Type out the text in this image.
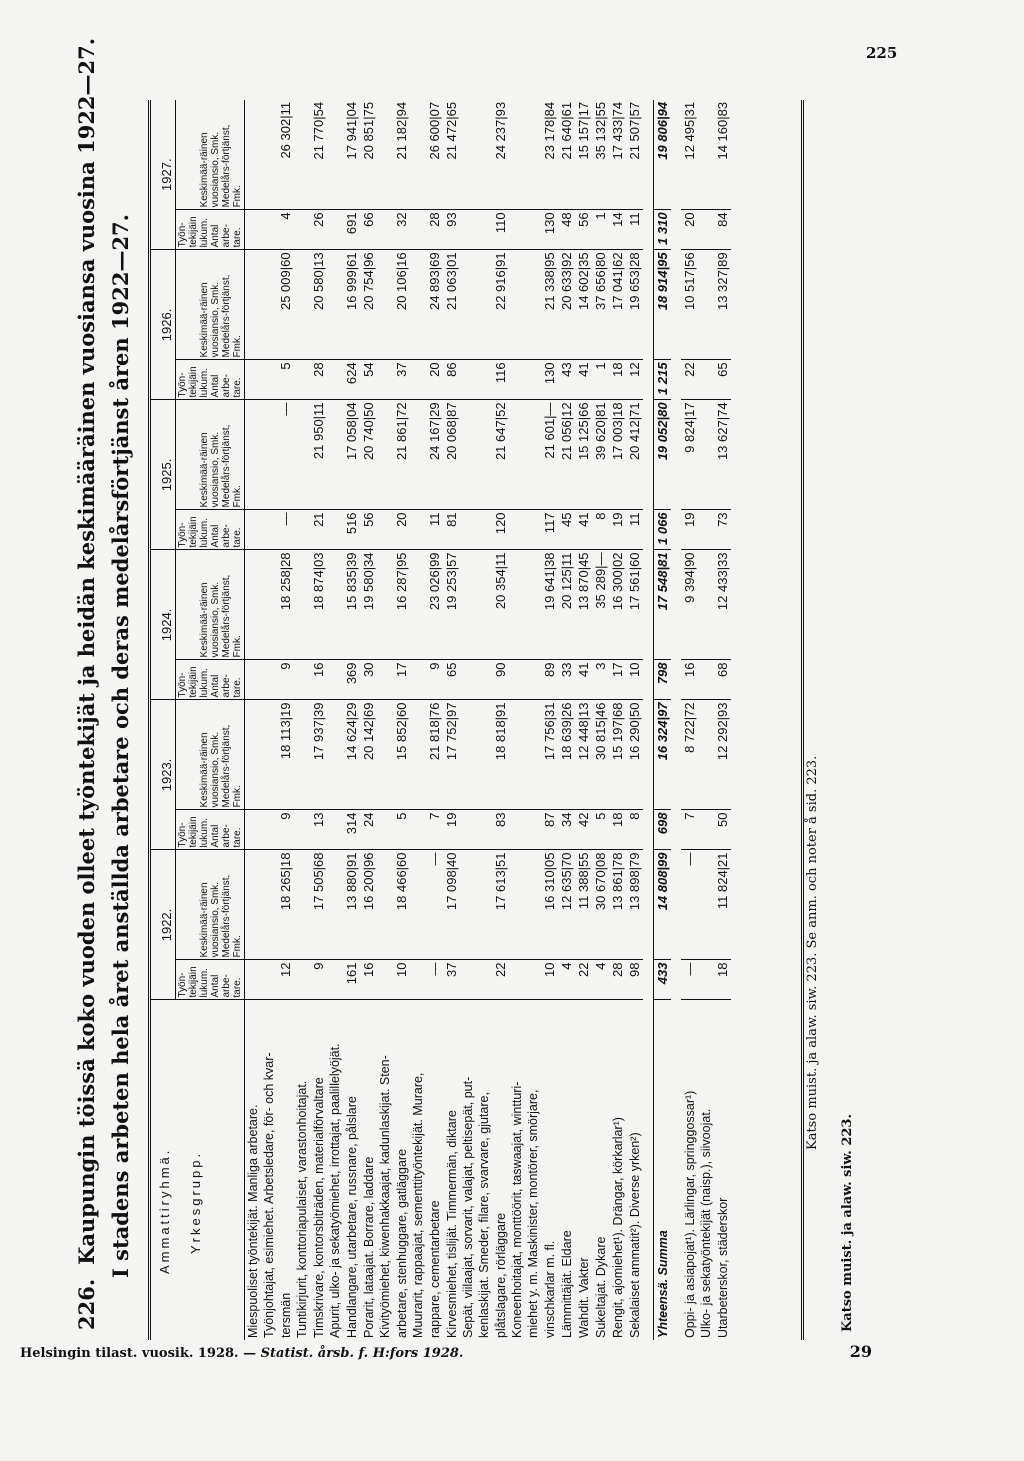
225
226.Kaupungin töissä koko vuoden olleet työntekijät ja heidän keskimääräinen vuosiansa vuosina 1922—27. I stadens arbeten hela året anställda arbetare och deras medelårsförtjänst åren 1922—27. Ammattiryhmä. Yrkesgrupp.	1922.		1923.		1924.		1925.		1926.		1927.	
	Työn-tekijäin lukum. Antal arbe-tare.	Keskimää-räinen vuosiansio, Smk. Medelårs-förtjänst, Fmk.	Työn-tekijäin lukum. Antal arbe-tare.	Keskimää-räinen vuosiansio, Smk. Medelårs-förtjänst, Fmk.	Työn-tekijäin lukum. Antal arbe-tare.	Keskimää-räinen vuosiansio, Smk. Medelårs-förtjänst, Fmk.	Työn-tekijäin lukum. Antal arbe-tare.	Keskimää-räinen vuosiansio, Smk. Medelårs-förtjänst, Fmk.	Työn-tekijäin lukum. Antal arbe-tare.	Keskimää-räinen vuosiansio, Smk. Medelårs-förtjänst, Fmk.	Työn-tekijäin lukum. Antal arbe-tare.	Keskimää-räinen vuosiansio, Smk. Medelårs-förtjänst, Fmk.
Miespuoliset työntekijät. Manliga arbetare.												
Työnjohtajat, esimiehet. Arbetsledare, för- och kvar-												
tersmän	12	18 265|18	9	18 113|19	9	18 258|28	—	—	5	25 009|60	4	26 302|11
Tuntikirjurit, konttoriapulaiset, varastonhoitajat.												
Timskrivare, kontorsbiträden, materialförvaltare	9	17 505|68	13	17 937|39	16	18 874|03	21	21 950|11	28	20 580|13	26	21 770|54
Apurit, ulko- ja sekatyömiehet, irrottajat, paalillelyöjät.												
Handlangare, utarbetare, russnare, pålslare	161	13 880|91	314	14 624|29	369	15 835|39	516	17 058|04	624	16 999|61	691	17 941|04
Porarit, lataajat. Borrare, laddare	16	16 200|96	24	20 142|69	30	19 580|34	56	20 740|50	54	20 754|96	66	20 851|75
Kivityömiehet, kiwenhakkaajat, kadunlaskijat. Sten-												
arbetare, stenhuggare, gatläggare	10	18 466|60	5	15 852|60	17	16 287|95	20	21 861|72	37	20 106|16	32	21 182|94
Muurarit, rappaajat, sementtityöntekijät. Murare,												
rappare, cementarbetare	—	—	7	21 818|76	9	23 026|99	11	24 167|29	20	24 893|69	28	26 600|07
Kirvesmiehet, tislijät. Timmermän, diktare	37	17 098|40	19	17 752|97	65	19 253|57	81	20 068|87	86	21 063|01	93	21 472|65
Sepät, viilaajat, sorvarit, valajat, peltisepät, put-												
kenlaskijat. Smeder, filare, svarvare, gjutare,												
plåtslagare, rörläggare	22	17 613|51	83	18 818|91	90	20 354|11	120	21 647|52	116	22 916|91	110	24 237|93
Koneenhoitajat, monttöörit, taswaajat, wintturi-												
miehet y. m. Maskinister, montörer, smörjare,												
vinschkarlar m. fl.	10	16 310|05	87	17 756|31	89	19 641|38	117	21 601|—	130	21 338|95	130	23 178|84
Lämmittäjät. Eldare	4	12 635|70	34	18 639|26	33	20 125|11	45	21 056|12	43	20 633|92	48	21 640|61
Wahdit. Vakter	22	11 388|55	42	12 448|13	41	13 870|45	41	15 125|66	41	14 602|35	56	15 157|17
Sukeltajat. Dykare	4	30 670|08	5	30 815|46	3	35 289|—	8	39 620|81	1	37 656|80	1	35 132|55
Rengit, ajomiehet¹). Drängar, körkarlar¹)	28	13 861|78	18	15 197|68	17	16 300|02	19	17 003|18	18	17 041|62	14	17 433|74
Sekalaiset ammatit²). Diverse yrken²)	98	13 898|79	8	16 290|50	10	17 561|60	11	20 412|71	12	19 653|28	11	21 507|57

Yhteensä. Summa	433	14 808|99	698	16 324|97	798	17 548|81	1 066	19 052|80	1 215	18 914|95	1 310	19 806|94

Oppi- ja asiapojat¹). Lärlingar, springgossar¹)	—	—	7	8 722|72	16	9 394|90	19	9 824|17	22	10 517|56	20	12 495|31
Ulko- ja sekatyöntekijät (naisp.), siivoojat.												
Utarbeterskor, städerskor	18	11 824|21	50	12 292|93	68	12 433|33	73	13 627|74	65	13 327|89	84	14 160|83
Katso muist. ja alaw. siw. 223. Se anm. och noter å sid. 223.
Katso muist. ja alaw. siw. 223.
Helsingin tilast. vuosik. 1928. — Statist. årsb. f. H:fors 1928.	29
